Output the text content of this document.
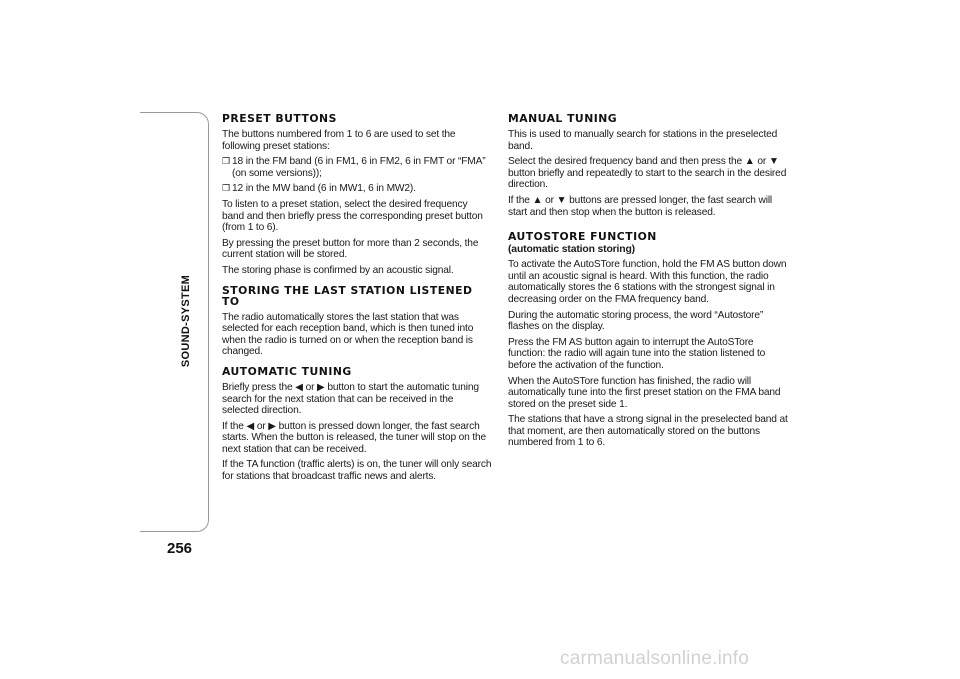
SOUND-SYSTEM
256
PRESET BUTTONS

The buttons numbered from 1 to 6 are used to set the following preset stations:

❒ 18 in the FM band (6 in FM1, 6 in FM2, 6 in FMT or “FMA” (on some versions));

❒ 12 in the MW band (6 in MW1, 6 in MW2).

To listen to a preset station, select the desired frequency band and then briefly press the corresponding preset button (from 1 to 6).

By pressing the preset button for more than 2 seconds, the current station will be stored.

The storing phase is confirmed by an acoustic signal.

STORING THE LAST STATION LISTENED TO

The radio automatically stores the last station that was selected for each reception band, which is then tuned into when the radio is turned on or when the reception band is changed.

AUTOMATIC TUNING

Briefly press the ◀ or ▶ button to start the automatic tuning search for the next station that can be received in the selected direction.

If the ◀ or ▶ button is pressed down longer, the fast search starts. When the button is released, the tuner will stop on the next station that can be received.

If the TA function (traffic alerts) is on, the tuner will only search for stations that broadcast traffic news and alerts.

MANUAL TUNING

This is used to manually search for stations in the preselected band.

Select the desired frequency band and then press the ▲ or ▼ button briefly and repeatedly to start to the search in the desired direction.

If the ▲ or ▼ buttons are pressed longer, the fast search will start and then stop when the button is released.

AUTOSTORE FUNCTION
(automatic station storing)

To activate the AutoSTore function, hold the FM AS button down until an acoustic signal is heard. With this function, the radio automatically stores the 6 stations with the strongest signal in decreasing order on the FMA frequency band.

During the automatic storing process, the word “Autostore” flashes on the display.

Press the FM AS button again to interrupt the AutoSTore function: the radio will again tune into the station listened to before the activation of the function.

When the AutoSTore function has finished, the radio will automatically tune into the first preset station on the FMA band stored on the preset side 1.

The stations that have a strong signal in the preselected band at that moment, are then automatically stored on the buttons numbered from 1 to 6.

carmanualsonline.info
